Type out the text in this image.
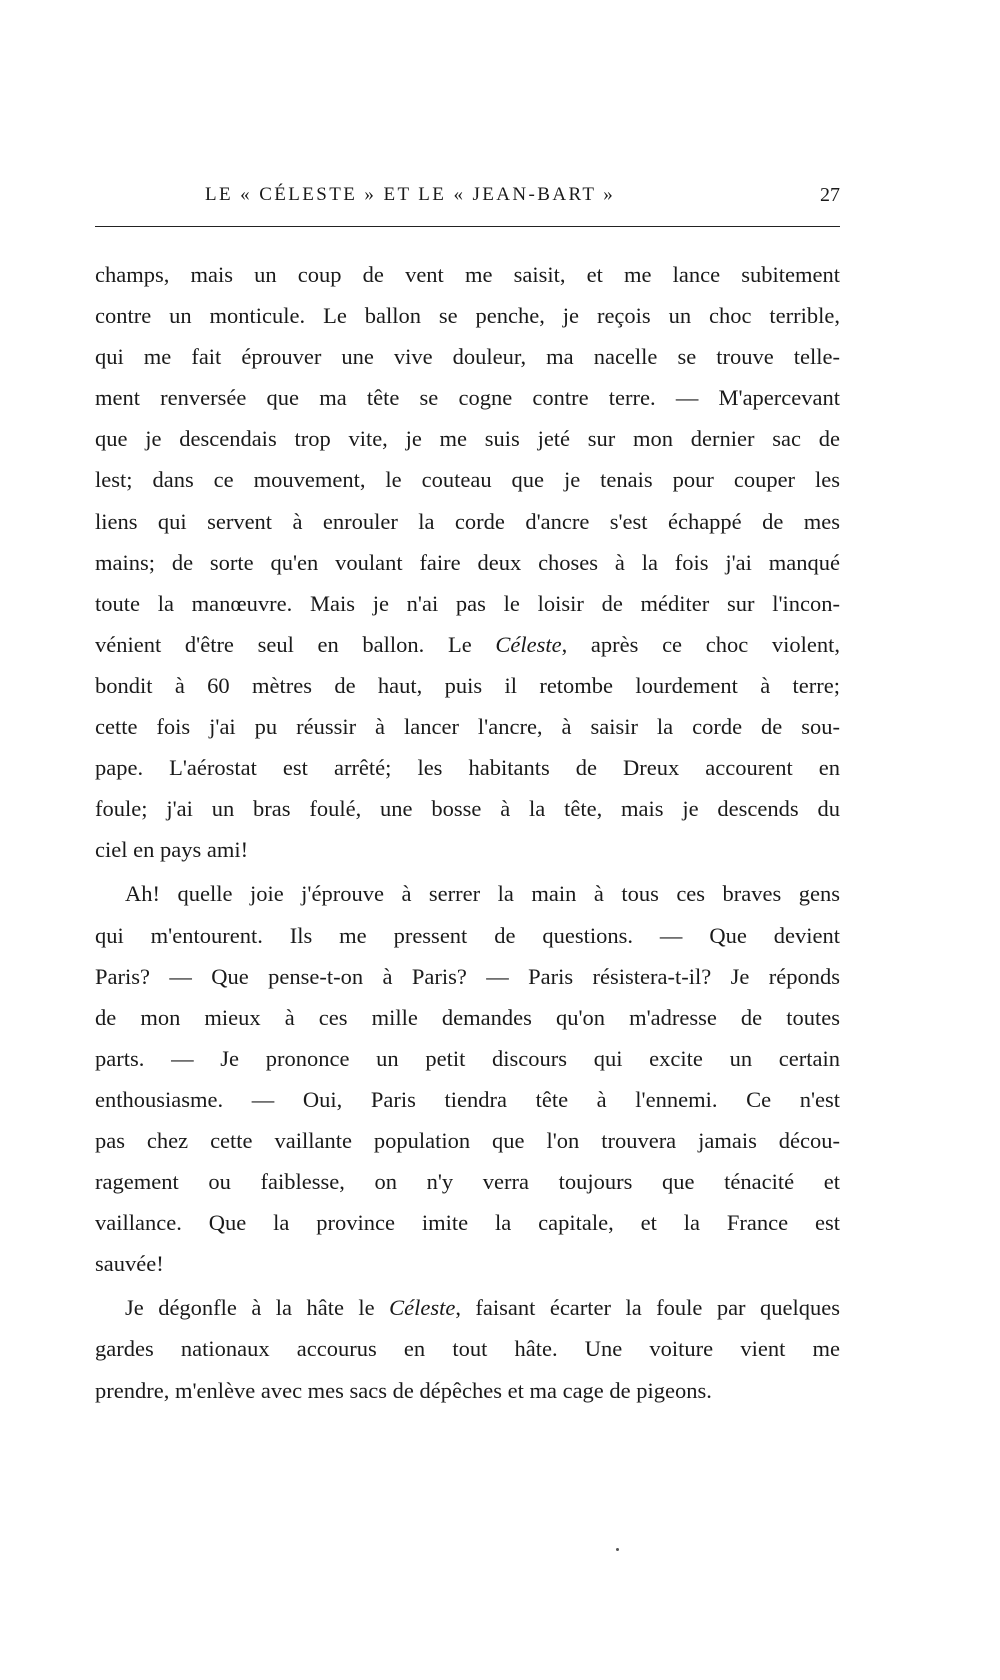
LE « CÉLESTE » ET LE « JEAN-BART »	27
champs, mais un coup de vent me saisit, et me lance subitement
contre un monticule. Le ballon se penche, je reçois un choc terrible,
qui me fait éprouver une vive douleur, ma nacelle se trouve telle-
ment renversée que ma tête se cogne contre terre. — M'apercevant
que je descendais trop vite, je me suis jeté sur mon dernier sac de
lest; dans ce mouvement, le couteau que je tenais pour couper les
liens qui servent à enrouler la corde d'ancre s'est échappé de mes
mains; de sorte qu'en voulant faire deux choses à la fois j'ai manqué
toute la manœuvre. Mais je n'ai pas le loisir de méditer sur l'incon-
vénient d'être seul en ballon. Le Céleste, après ce choc violent,
bondit à 60 mètres de haut, puis il retombe lourdement à terre;
cette fois j'ai pu réussir à lancer l'ancre, à saisir la corde de sou-
pape. L'aérostat est arrêté; les habitants de Dreux accourent en
foule; j'ai un bras foulé, une bosse à la tête, mais je descends du
ciel en pays ami!
Ah! quelle joie j'éprouve à serrer la main à tous ces braves gens
qui m'entourent. Ils me pressent de questions. — Que devient
Paris? — Que pense-t-on à Paris? — Paris résistera-t-il? Je réponds
de mon mieux à ces mille demandes qu'on m'adresse de toutes
parts. — Je prononce un petit discours qui excite un certain
enthousiasme. — Oui, Paris tiendra tête à l'ennemi. Ce n'est
pas chez cette vaillante population que l'on trouvera jamais décou-
ragement ou faiblesse, on n'y verra toujours que ténacité et
vaillance. Que la province imite la capitale, et la France est
sauvée!
Je dégonfle à la hâte le Céleste, faisant écarter la foule par quelques
gardes nationaux accourus en tout hâte. Une voiture vient me
prendre, m'enlève avec mes sacs de dépêches et ma cage de pigeons.
